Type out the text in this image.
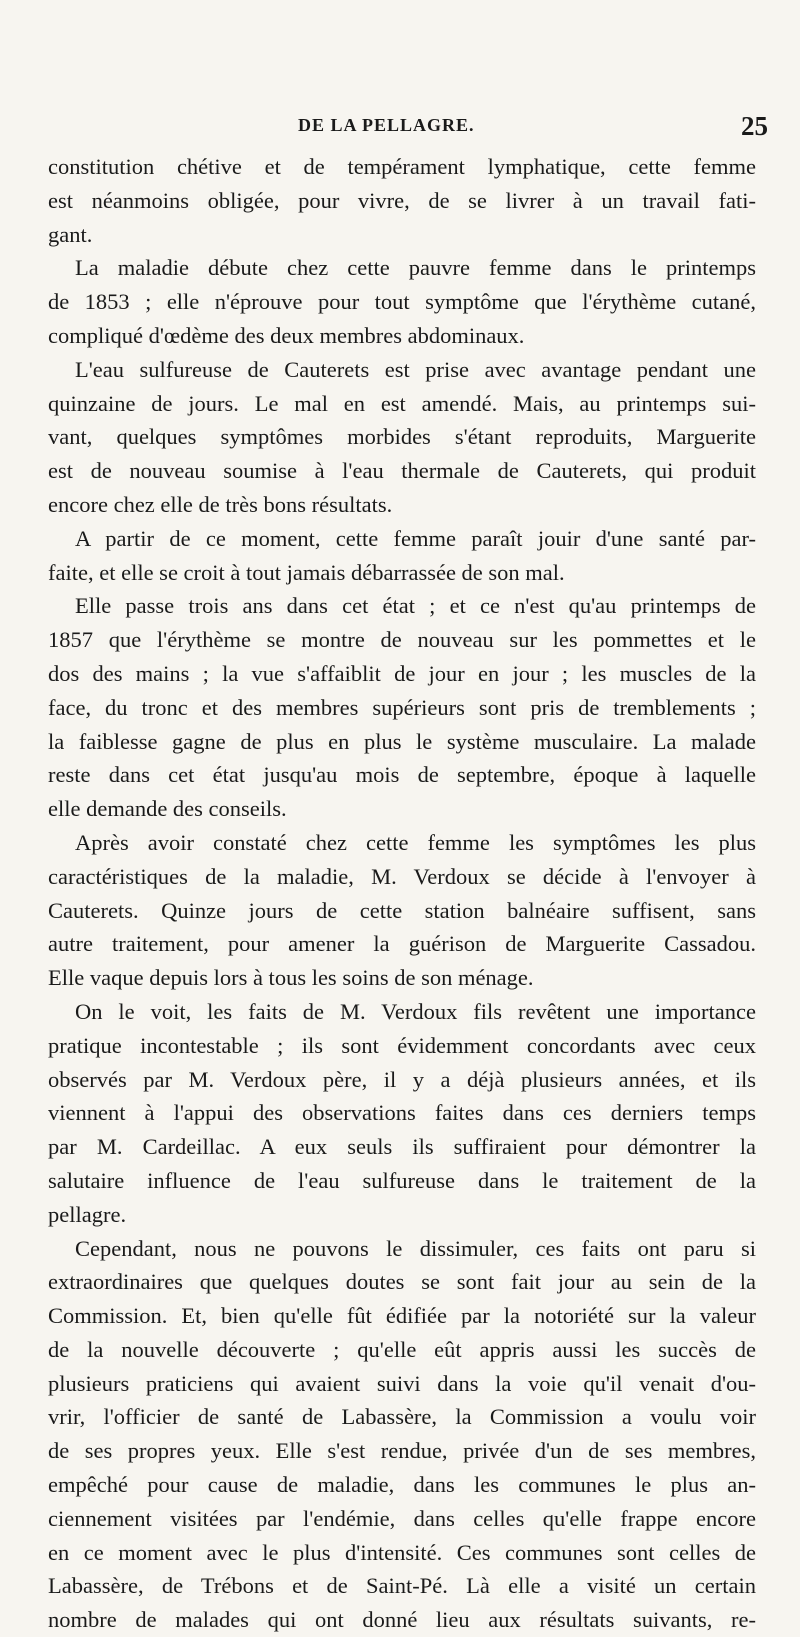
DE LA PELLAGRE.	25
constitution chétive et de tempérament lymphatique, cette femme
est néanmoins obligée, pour vivre, de se livrer à un travail fati-
gant.
La maladie débute chez cette pauvre femme dans le printemps
de 1853 ; elle n'éprouve pour tout symptôme que l'érythème cutané,
compliqué d'œdème des deux membres abdominaux.
L'eau sulfureuse de Cauterets est prise avec avantage pendant une
quinzaine de jours. Le mal en est amendé. Mais, au printemps sui-
vant, quelques symptômes morbides s'étant reproduits, Marguerite
est de nouveau soumise à l'eau thermale de Cauterets, qui produit
encore chez elle de très bons résultats.
A partir de ce moment, cette femme paraît jouir d'une santé par-
faite, et elle se croit à tout jamais débarrassée de son mal.
Elle passe trois ans dans cet état ; et ce n'est qu'au printemps de
1857 que l'érythème se montre de nouveau sur les pommettes et le
dos des mains ; la vue s'affaiblit de jour en jour ; les muscles de la
face, du tronc et des membres supérieurs sont pris de tremblements ;
la faiblesse gagne de plus en plus le système musculaire. La malade
reste dans cet état jusqu'au mois de septembre, époque à laquelle
elle demande des conseils.
Après avoir constaté chez cette femme les symptômes les plus
caractéristiques de la maladie, M. Verdoux se décide à l'envoyer à
Cauterets. Quinze jours de cette station balnéaire suffisent, sans
autre traitement, pour amener la guérison de Marguerite Cassadou.
Elle vaque depuis lors à tous les soins de son ménage.
On le voit, les faits de M. Verdoux fils revêtent une importance
pratique incontestable ; ils sont évidemment concordants avec ceux
observés par M. Verdoux père, il y a déjà plusieurs années, et ils
viennent à l'appui des observations faites dans ces derniers temps
par M. Cardeillac. A eux seuls ils suffiraient pour démontrer la
salutaire influence de l'eau sulfureuse dans le traitement de la
pellagre.
Cependant, nous ne pouvons le dissimuler, ces faits ont paru si
extraordinaires que quelques doutes se sont fait jour au sein de la
Commission. Et, bien qu'elle fût édifiée par la notoriété sur la valeur
de la nouvelle découverte ; qu'elle eût appris aussi les succès de
plusieurs praticiens qui avaient suivi dans la voie qu'il venait d'ou-
vrir, l'officier de santé de Labassère, la Commission a voulu voir
de ses propres yeux. Elle s'est rendue, privée d'un de ses membres,
empêché pour cause de maladie, dans les communes le plus an-
ciennement visitées par l'endémie, dans celles qu'elle frappe encore
en ce moment avec le plus d'intensité. Ces communes sont celles de
Labassère, de Trébons et de Saint-Pé. Là elle a visité un certain
nombre de malades qui ont donné lieu aux résultats suivants, re-
